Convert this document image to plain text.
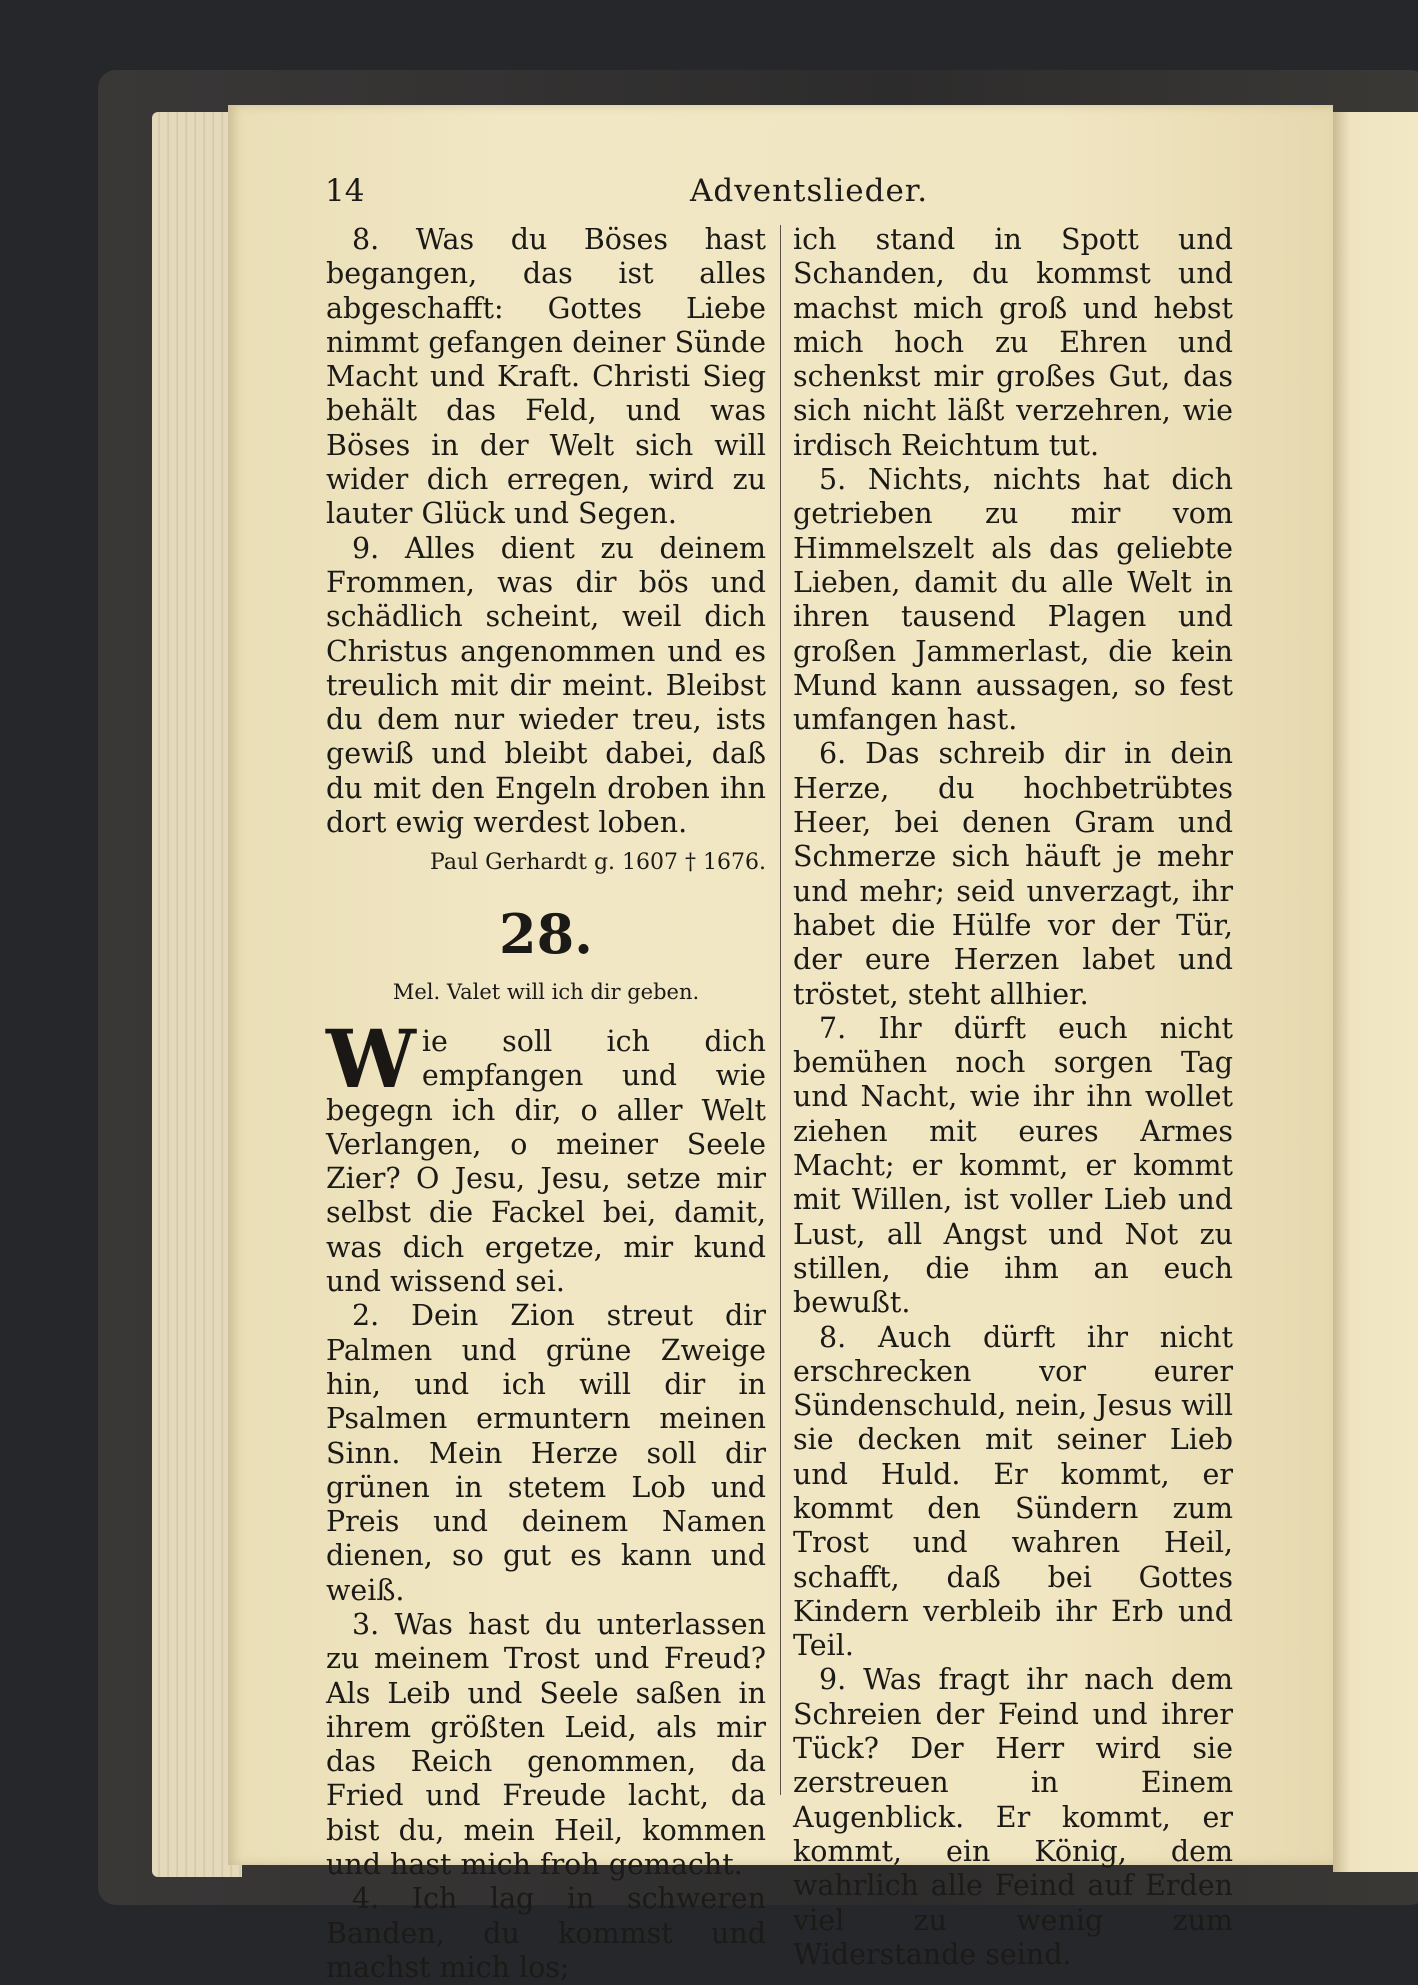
14	Adventslieder.

8. Was du Böses hast begangen, das ist alles abgeschafft: Gottes Liebe nimmt gefangen deiner Sünde Macht und Kraft. Christi Sieg behält das Feld, und was Böses in der Welt sich will wider dich erregen, wird zu lauter Glück und Segen.

9. Alles dient zu deinem Frommen, was dir bös und schädlich scheint, weil dich Christus angenommen und es treulich mit dir meint. Bleibst du dem nur wieder treu, ists gewiß und bleibt dabei, daß du mit den Engeln droben ihn dort ewig werdest loben.

Paul Gerhardt g. 1607 † 1676.

28.

Mel. Valet will ich dir geben.

Wie soll ich dich empfangen und wie begegn ich dir, o aller Welt Verlangen, o meiner Seele Zier? O Jesu, Jesu, setze mir selbst die Fackel bei, damit, was dich ergetze, mir kund und wissend sei.

2. Dein Zion streut dir Palmen und grüne Zweige hin, und ich will dir in Psalmen ermuntern meinen Sinn. Mein Herze soll dir grünen in stetem Lob und Preis und deinem Namen dienen, so gut es kann und weiß.

3. Was hast du unterlassen zu meinem Trost und Freud? Als Leib und Seele saßen in ihrem größten Leid, als mir das Reich genommen, da Fried und Freude lacht, da bist du, mein Heil, kommen und hast mich froh gemacht.

4. Ich lag in schweren Banden, du kommst und machst mich los;

ich stand in Spott und Schanden, du kommst und machst mich groß und hebst mich hoch zu Ehren und schenkst mir großes Gut, das sich nicht läßt verzehren, wie irdisch Reichtum tut.

5. Nichts, nichts hat dich getrieben zu mir vom Himmelszelt als das geliebte Lieben, damit du alle Welt in ihren tausend Plagen und großen Jammerlast, die kein Mund kann aussagen, so fest umfangen hast.

6. Das schreib dir in dein Herze, du hochbetrübtes Heer, bei denen Gram und Schmerze sich häuft je mehr und mehr; seid unverzagt, ihr habet die Hülfe vor der Tür, der eure Herzen labet und tröstet, steht allhier.

7. Ihr dürft euch nicht bemühen noch sorgen Tag und Nacht, wie ihr ihn wollet ziehen mit eures Armes Macht; er kommt, er kommt mit Willen, ist voller Lieb und Lust, all Angst und Not zu stillen, die ihm an euch bewußt.

8. Auch dürft ihr nicht erschrecken vor eurer Sündenschuld, nein, Jesus will sie decken mit seiner Lieb und Huld. Er kommt, er kommt den Sündern zum Trost und wahren Heil, schafft, daß bei Gottes Kindern verbleib ihr Erb und Teil.

9. Was fragt ihr nach dem Schreien der Feind und ihrer Tück? Der Herr wird sie zerstreuen in Einem Augenblick. Er kommt, er kommt, ein König, dem wahrlich alle Feind auf Erden viel zu wenig zum Widerstande seind.
